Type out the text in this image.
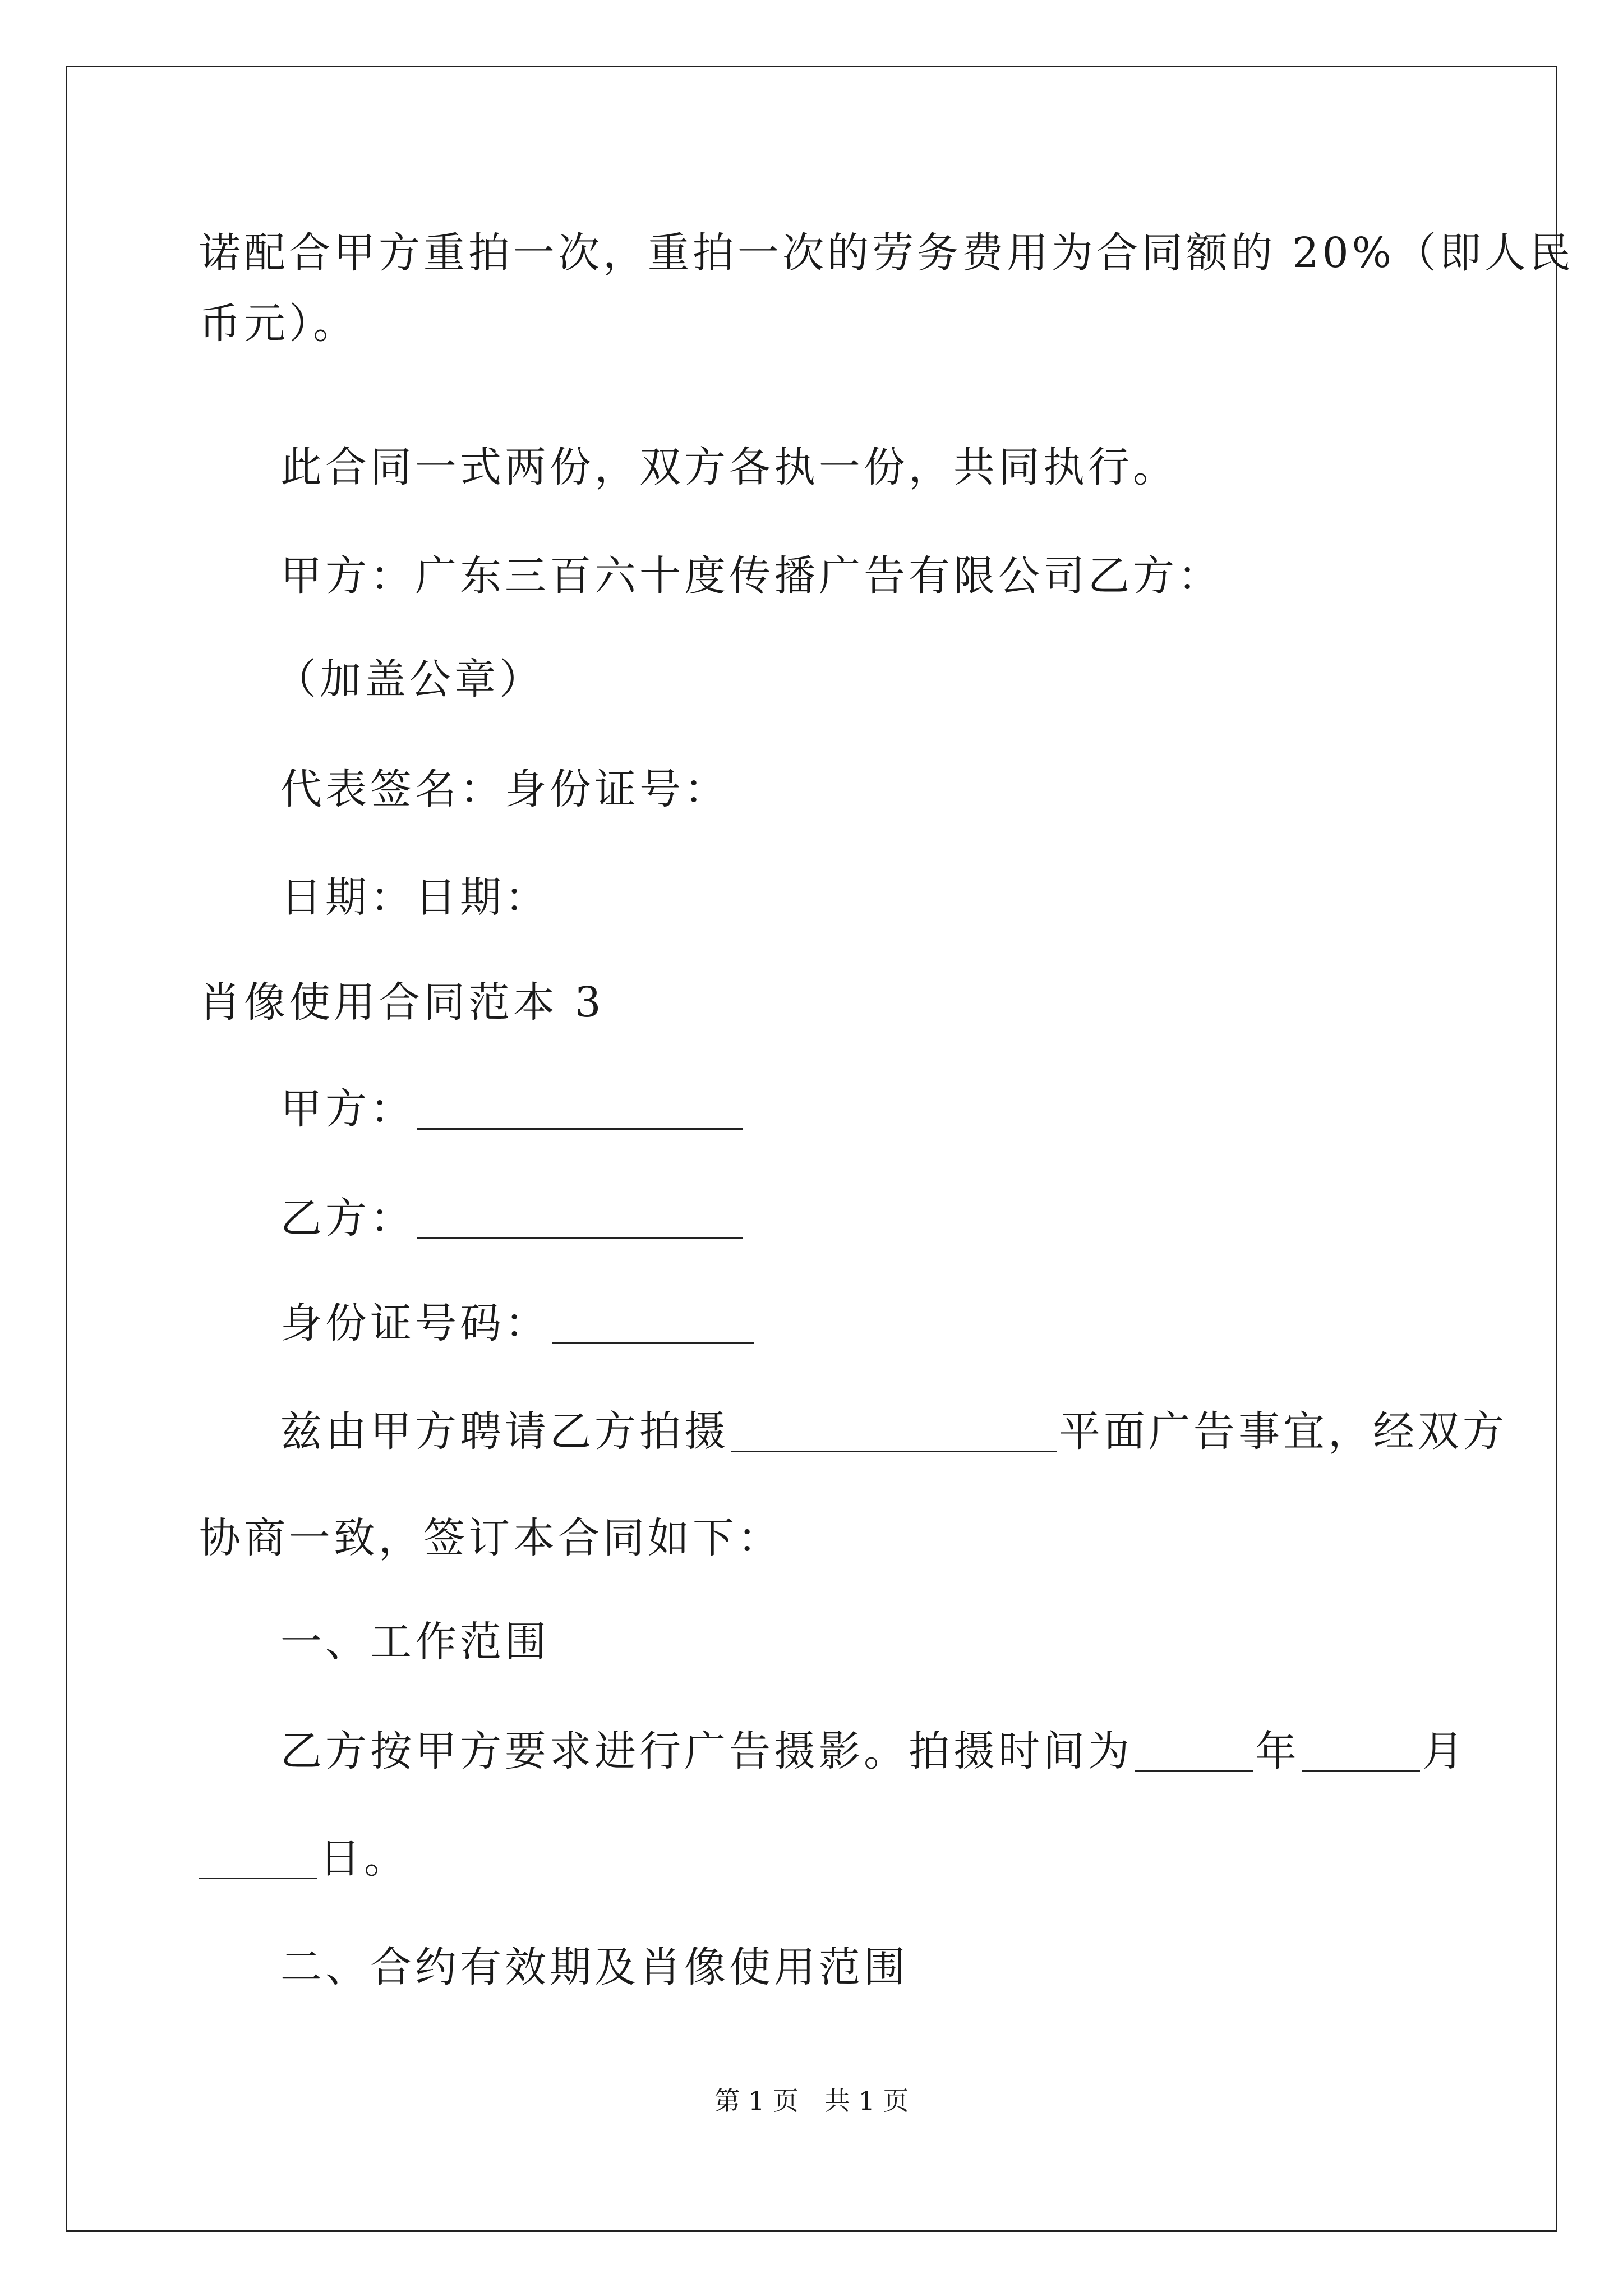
诺配合甲方重拍一次，重拍一次的劳务费用为合同额的 20%（即人民
币元）。
此合同一式两份，双方各执一份，共同执行。
甲方：广东三百六十度传播广告有限公司乙方：
（加盖公章）
代表签名：身份证号：
日期：日期：
肖像使用合同范本 3
甲方：
乙方：
身份证号码：
兹由甲方聘请乙方拍摄	平面广告事宜，经双方
协商一致，签订本合同如下：
一、工作范围
乙方按甲方要求进行广告摄影。拍摄时间为	年	月
日。
二、合约有效期及肖像使用范围
第 1 页　共 1 页
